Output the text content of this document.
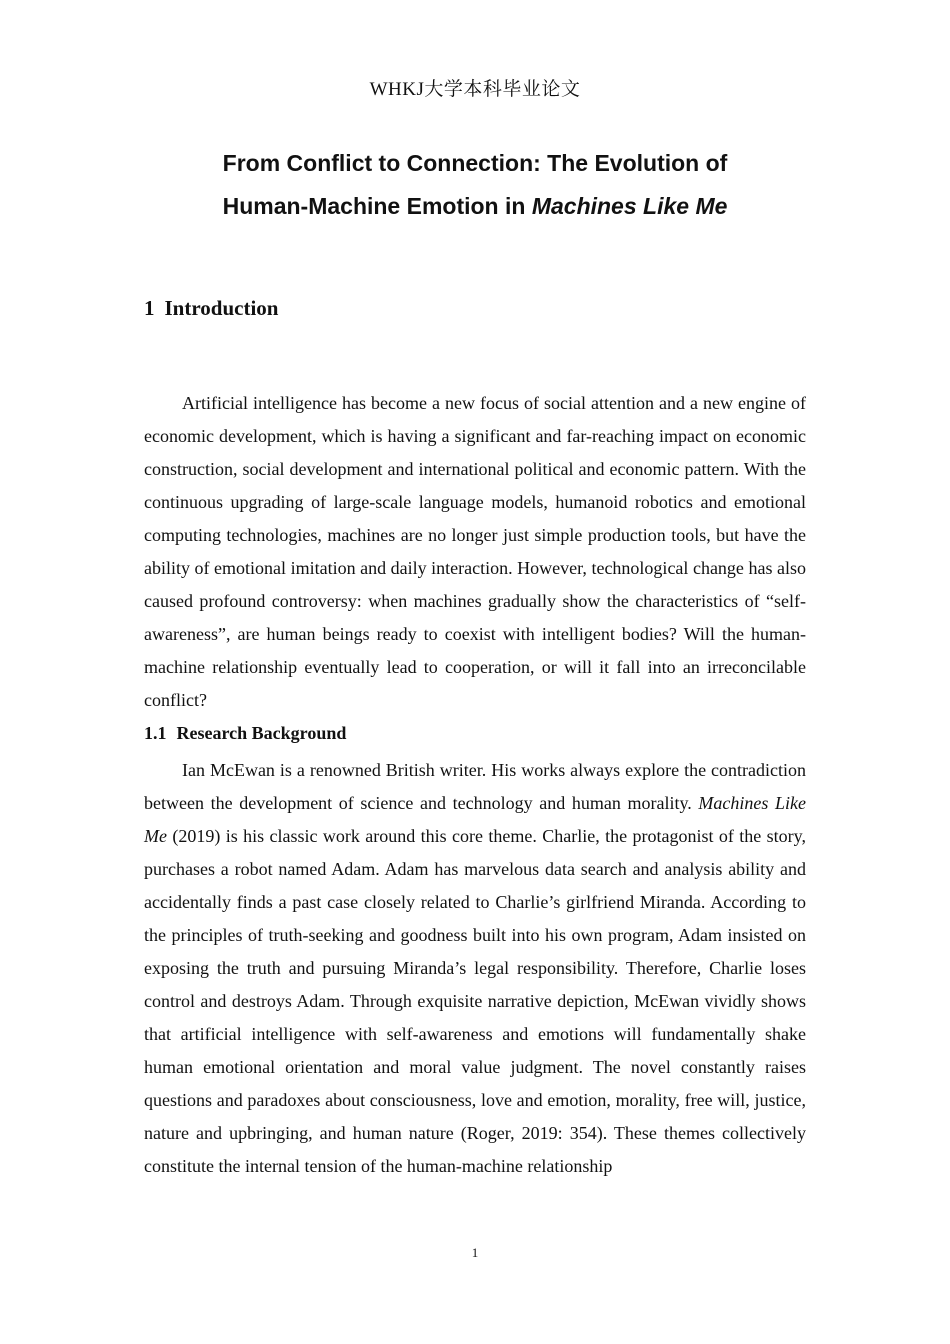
WHKJ大学本科毕业论文
From Conflict to Connection: The Evolution of
Human-Machine Emotion in Machines Like Me
1 Introduction

Artificial intelligence has become a new focus of social attention and a new engine of economic development, which is having a significant and far-reaching impact on economic construction, social development and international political and economic pattern. With the continuous upgrading of large-scale language models, humanoid robotics and emotional computing technologies, machines are no longer just simple production tools, but have the ability of emotional imitation and daily interaction. However, technological change has also caused profound controversy: when machines gradually show the characteristics of “self-awareness”, are human beings ready to coexist with intelligent bodies? Will the human-machine relationship eventually lead to cooperation, or will it fall into an irreconcilable conflict?

1.1 Research Background

Ian McEwan is a renowned British writer. His works always explore the contradiction between the development of science and technology and human morality. Machines Like Me (2019) is his classic work around this core theme. Charlie, the protagonist of the story, purchases a robot named Adam. Adam has marvelous data search and analysis ability and accidentally finds a past case closely related to Charlie’s girlfriend Miranda. According to the principles of truth-seeking and goodness built into his own program, Adam insisted on exposing the truth and pursuing Miranda’s legal responsibility. Therefore, Charlie loses control and destroys Adam. Through exquisite narrative depiction, McEwan vividly shows that artificial intelligence with self-awareness and emotions will fundamentally shake human emotional orientation and moral value judgment. The novel constantly raises questions and paradoxes about consciousness, love and emotion, morality, free will, justice, nature and upbringing, and human nature (Roger, 2019: 354). These themes collectively constitute the internal tension of the human-machine relationship

1
